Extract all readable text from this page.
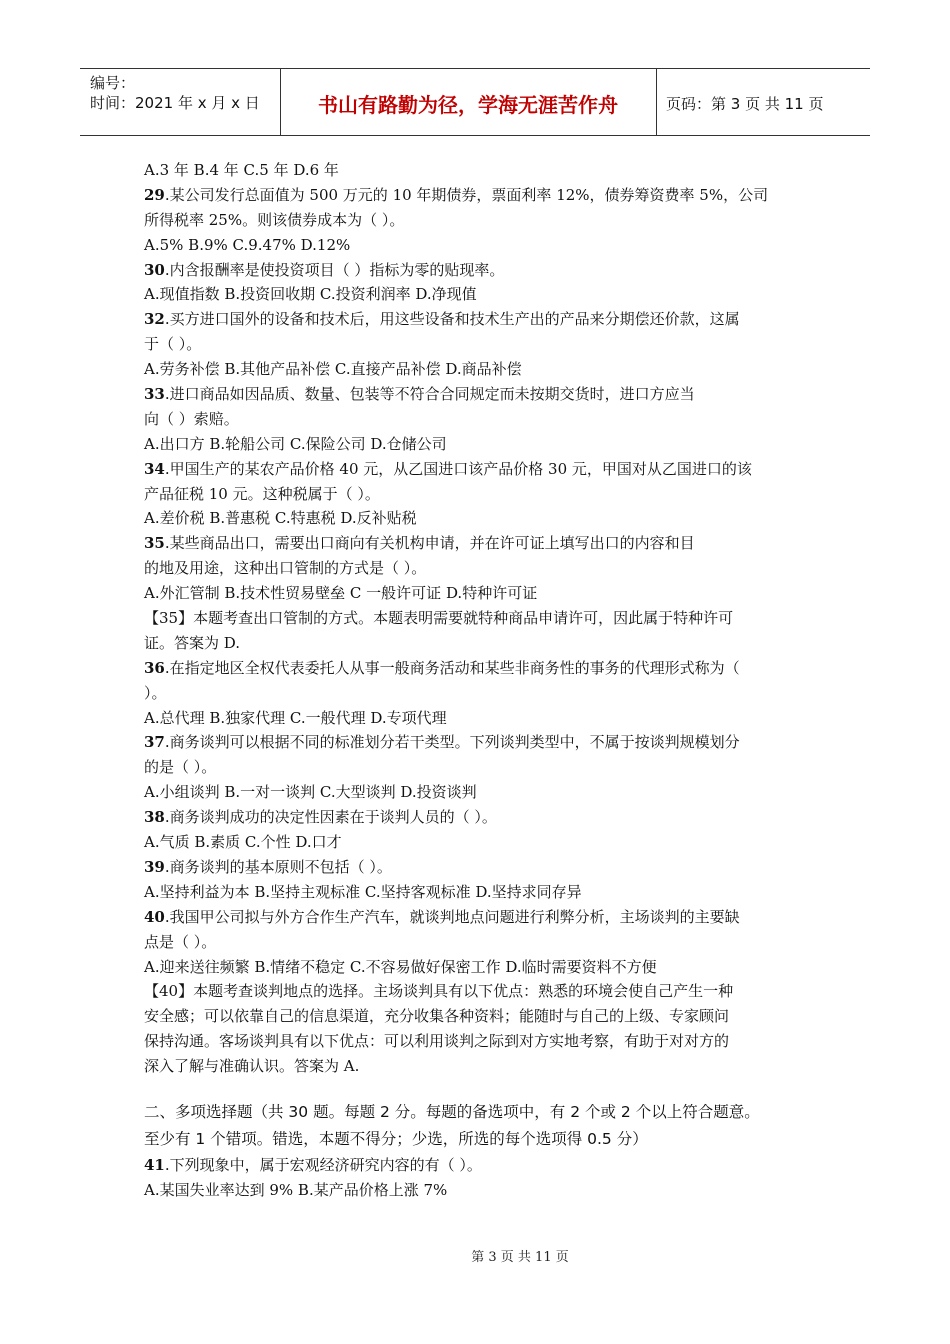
编号：
时间：2021 年 x 月 x 日	书山有路勤为径，学海无涯苦作舟	页码：第 3 页 共 11 页
A.3 年 B.4 年 C.5 年 D.6 年
29.某公司发行总面值为 500 万元的 10 年期债券，票面利率 12%，债券筹资费率 5%，公司
所得税率 25%。则该债券成本为（ ）。
A.5% B.9% C.9.47% D.12%
30.内含报酬率是使投资项目（ ）指标为零的贴现率。
A.现值指数 B.投资回收期 C.投资利润率 D.净现值
32.买方进口国外的设备和技术后，用这些设备和技术生产出的产品来分期偿还价款，这属
于（ ）。
A.劳务补偿 B.其他产品补偿 C.直接产品补偿 D.商品补偿
33.进口商品如因品质、数量、包装等不符合合同规定而未按期交货时，进口方应当
向（ ）索赔。
A.出口方 B.轮船公司 C.保险公司 D.仓储公司
34.甲国生产的某农产品价格 40 元，从乙国进口该产品价格 30 元，甲国对从乙国进口的该
产品征税 10 元。这种税属于（ ）。
A.差价税 B.普惠税 C.特惠税 D.反补贴税
35.某些商品出口，需要出口商向有关机构申请，并在许可证上填写出口的内容和目
的地及用途，这种出口管制的方式是（ ）。
A.外汇管制 B.技术性贸易壁垒 C 一般许可证 D.特种许可证
【35】本题考查出口管制的方式。本题表明需要就特种商品申请许可，因此属于特种许可
证。答案为 D.
36.在指定地区全权代表委托人从事一般商务活动和某些非商务性的事务的代理形式称为（
）。
A.总代理 B.独家代理 C.一般代理 D.专项代理
37.商务谈判可以根据不同的标准划分若干类型。下列谈判类型中，不属于按谈判规模划分
的是（ ）。
A.小组谈判 B.一对一谈判 C.大型谈判 D.投资谈判
38.商务谈判成功的决定性因素在于谈判人员的（ ）。
A.气质 B.素质 C.个性 D.口才
39.商务谈判的基本原则不包括（ ）。
A.坚持利益为本 B.坚持主观标准 C.坚持客观标准 D.坚持求同存异
40.我国甲公司拟与外方合作生产汽车，就谈判地点问题进行利弊分析，主场谈判的主要缺
点是（ ）。
A.迎来送往频繁 B.情绪不稳定 C.不容易做好保密工作 D.临时需要资料不方便
【40】本题考查谈判地点的选择。主场谈判具有以下优点：熟悉的环境会使自己产生一种
安全感；可以依靠自己的信息渠道，充分收集各种资料；能随时与自己的上级、专家顾问
保持沟通。客场谈判具有以下优点：可以利用谈判之际到对方实地考察，有助于对对方的
深入了解与准确认识。答案为 A.
二、多项选择题（共 30 题。每题 2 分。每题的备选项中，有 2 个或 2 个以上符合题意。
至少有 1 个错项。错选，本题不得分；少选，所选的每个选项得 0.5 分）
41.下列现象中，属于宏观经济研究内容的有（ ）。
A.某国失业率达到 9% B.某产品价格上涨 7%
第 3 页 共 11 页
